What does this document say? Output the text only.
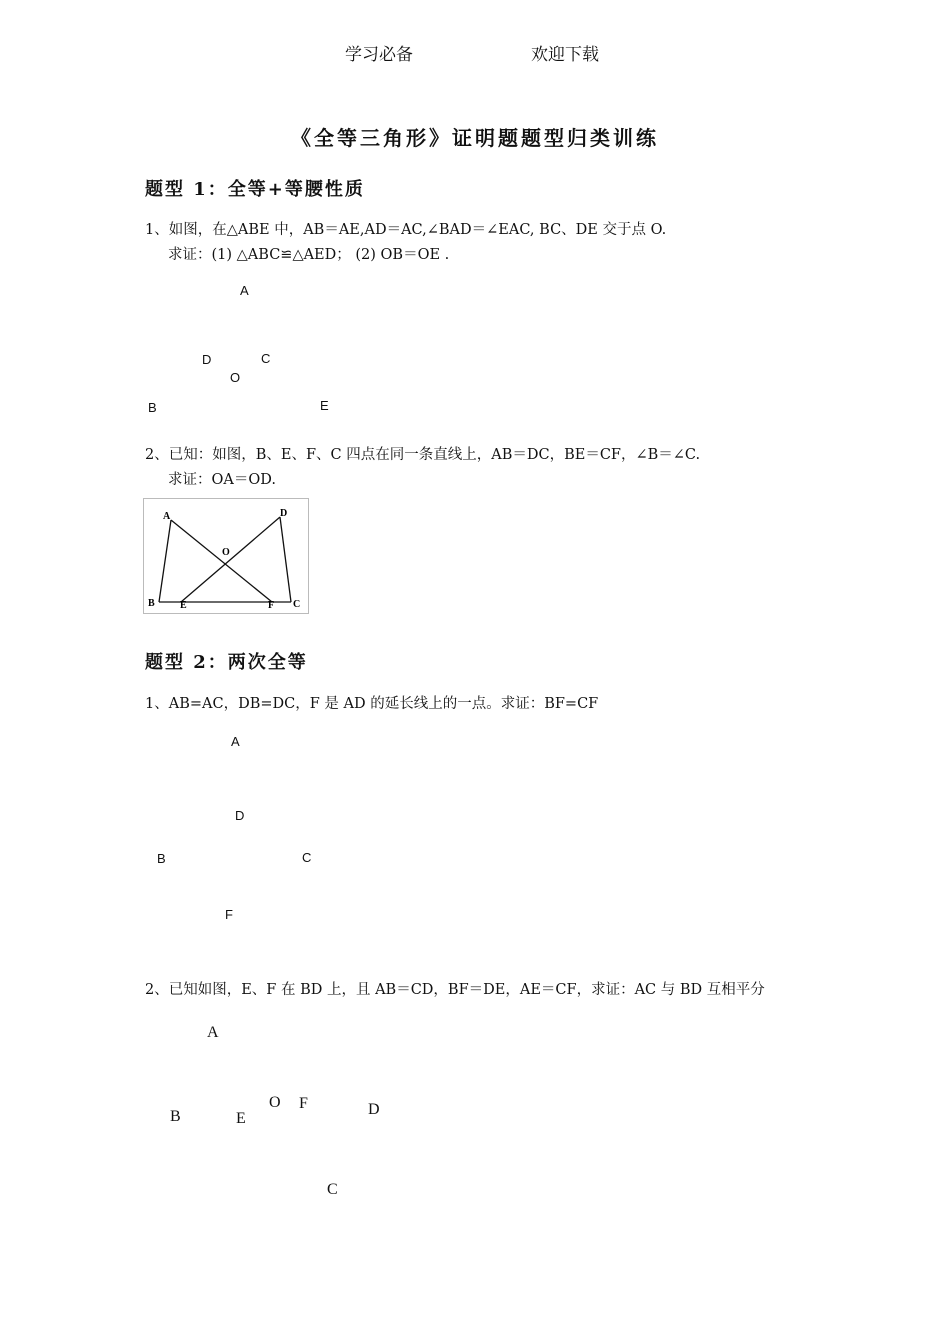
学习必备	欢迎下载
《全等三角形》证明题题型归类训练
题型 1：全等+等腰性质
1、如图，在△ABE 中，AB＝AE,AD＝AC,∠BAD＝∠EAC, BC、DE 交于点 O.
求证：(1) △ABC≌△AED； (2) OB＝OE .
A
D	C
O
B	E
2、已知：如图，B、E、F、C 四点在同一条直线上，AB＝DC，BE＝CF，∠B＝∠C.
求证：OA＝OD.
A	D
O
B	E	F C
题型 2：两次全等
1、AB=AC，DB=DC，F 是 AD 的延长线上的一点。求证：BF=CF
A
D
B	C
F
2、已知如图，E、F 在 BD 上，且 AB＝CD，BF＝DE，AE＝CF，求证：AC 与 BD 互相平分
A
O F	D
B	E
C
